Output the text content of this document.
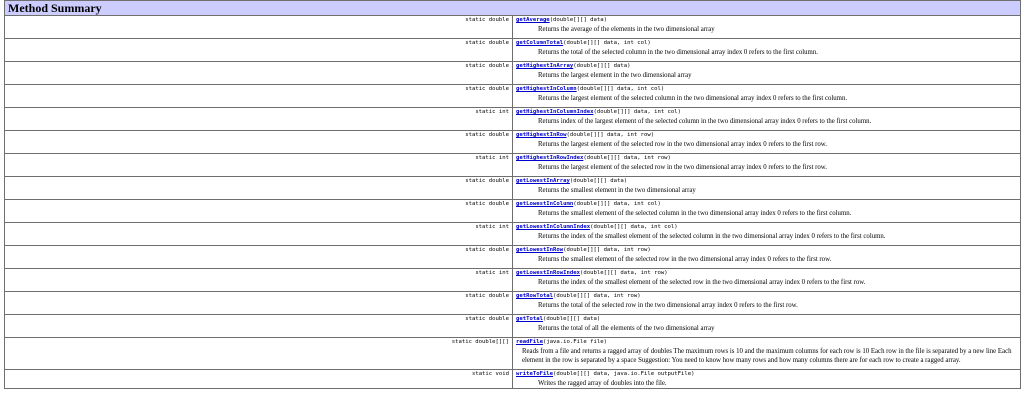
Method Summary	
static double	getAverage(double[][] data)
Returns the average of the elements in the two dimensional array

static double	getColumnTotal(double[][] data, int col)
Returns the total of the selected column in the two dimensional array index 0 refers to the first column.

static double	getHighestInArray(double[][] data)
Returns the largest element in the two dimensional array

static double	getHighestInColumn(double[][] data, int col)
Returns the largest element of the selected column in the two dimensional array index 0 refers to the first column.

static int	getHighestInColumnIndex(double[][] data, int col)
Returns index of the largest element of the selected column in the two dimensional array index 0 refers to the first column.

static double	getHighestInRow(double[][] data, int row)
Returns the largest element of the selected row in the two dimensional array index 0 refers to the first row.

static int	getHighestInRowIndex(double[][] data, int row)
Returns the largest element of the selected row in the two dimensional array index 0 refers to the first row.

static double	getLowestInArray(double[][] data)
Returns the smallest element in the two dimensional array

static double	getLowestInColumn(double[][] data, int col)
Returns the smallest element of the selected column in the two dimensional array index 0 refers to the first column.

static int	getLowestInColumnIndex(double[][] data, int col)
Returns the index of the smallest element of the selected column in the two dimensional array index 0 refers to the first column.

static double	getLowestInRow(double[][] data, int row)
Returns the smallest element of the selected row in the two dimensional array index 0 refers to the first row.

static int	getLowestInRowIndex(double[][] data, int row)
Returns the index of the smallest element of the selected row in the two dimensional array index 0 refers to the first row.

static double	getRowTotal(double[][] data, int row)
Returns the total of the selected row in the two dimensional array index 0 refers to the first row.

static double	getTotal(double[][] data)
Returns the total of all the elements of the two dimensional array

static double[][]	readFile(java.io.File file)
Reads from a file and returns a ragged array of doubles The maximum rows is 10 and the maximum columns for each row is 10 Each row in the file is separated by a new line Each element in the row is separated by a space Suggestion: You need to know how many rows and how many columns there are for each row to create a ragged array.

static void	writeToFile(double[][] data, java.io.File outputFile)
Writes the ragged array of doubles into the file.
